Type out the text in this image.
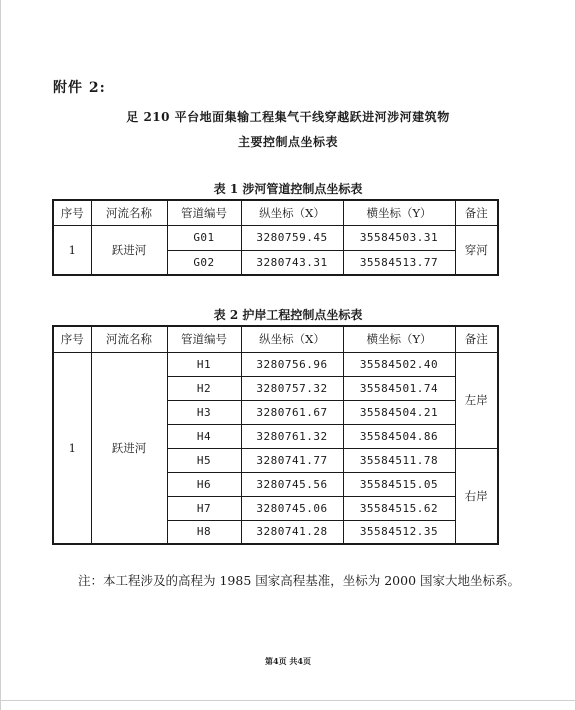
附件 2:
足 210 平台地面集输工程集气干线穿越跃进河涉河建筑物
主要控制点坐标表
表 1 涉河管道控制点坐标表
序号	河流名称	管道编号	纵坐标（X）	横坐标（Y）	备注
1	跃进河	G01	3280759.45	35584503.31	穿河
		G02	3280743.31	35584513.77	
表 2 护岸工程控制点坐标表
序号	河流名称	管道编号	纵坐标（X）	横坐标（Y）	备注
1	跃进河	H1	3280756.96	35584502.40	左岸
		H2	3280757.32	35584501.74	
		H3	3280761.67	35584504.21	
		H4	3280761.32	35584504.86	
		H5	3280741.77	35584511.78	右岸
		H6	3280745.56	35584515.05	
		H7	3280745.06	35584515.62	
		H8	3280741.28	35584512.35	
注：本工程涉及的高程为 1985 国家高程基准，坐标为 2000 国家大地坐标系。
第4页 共4页
